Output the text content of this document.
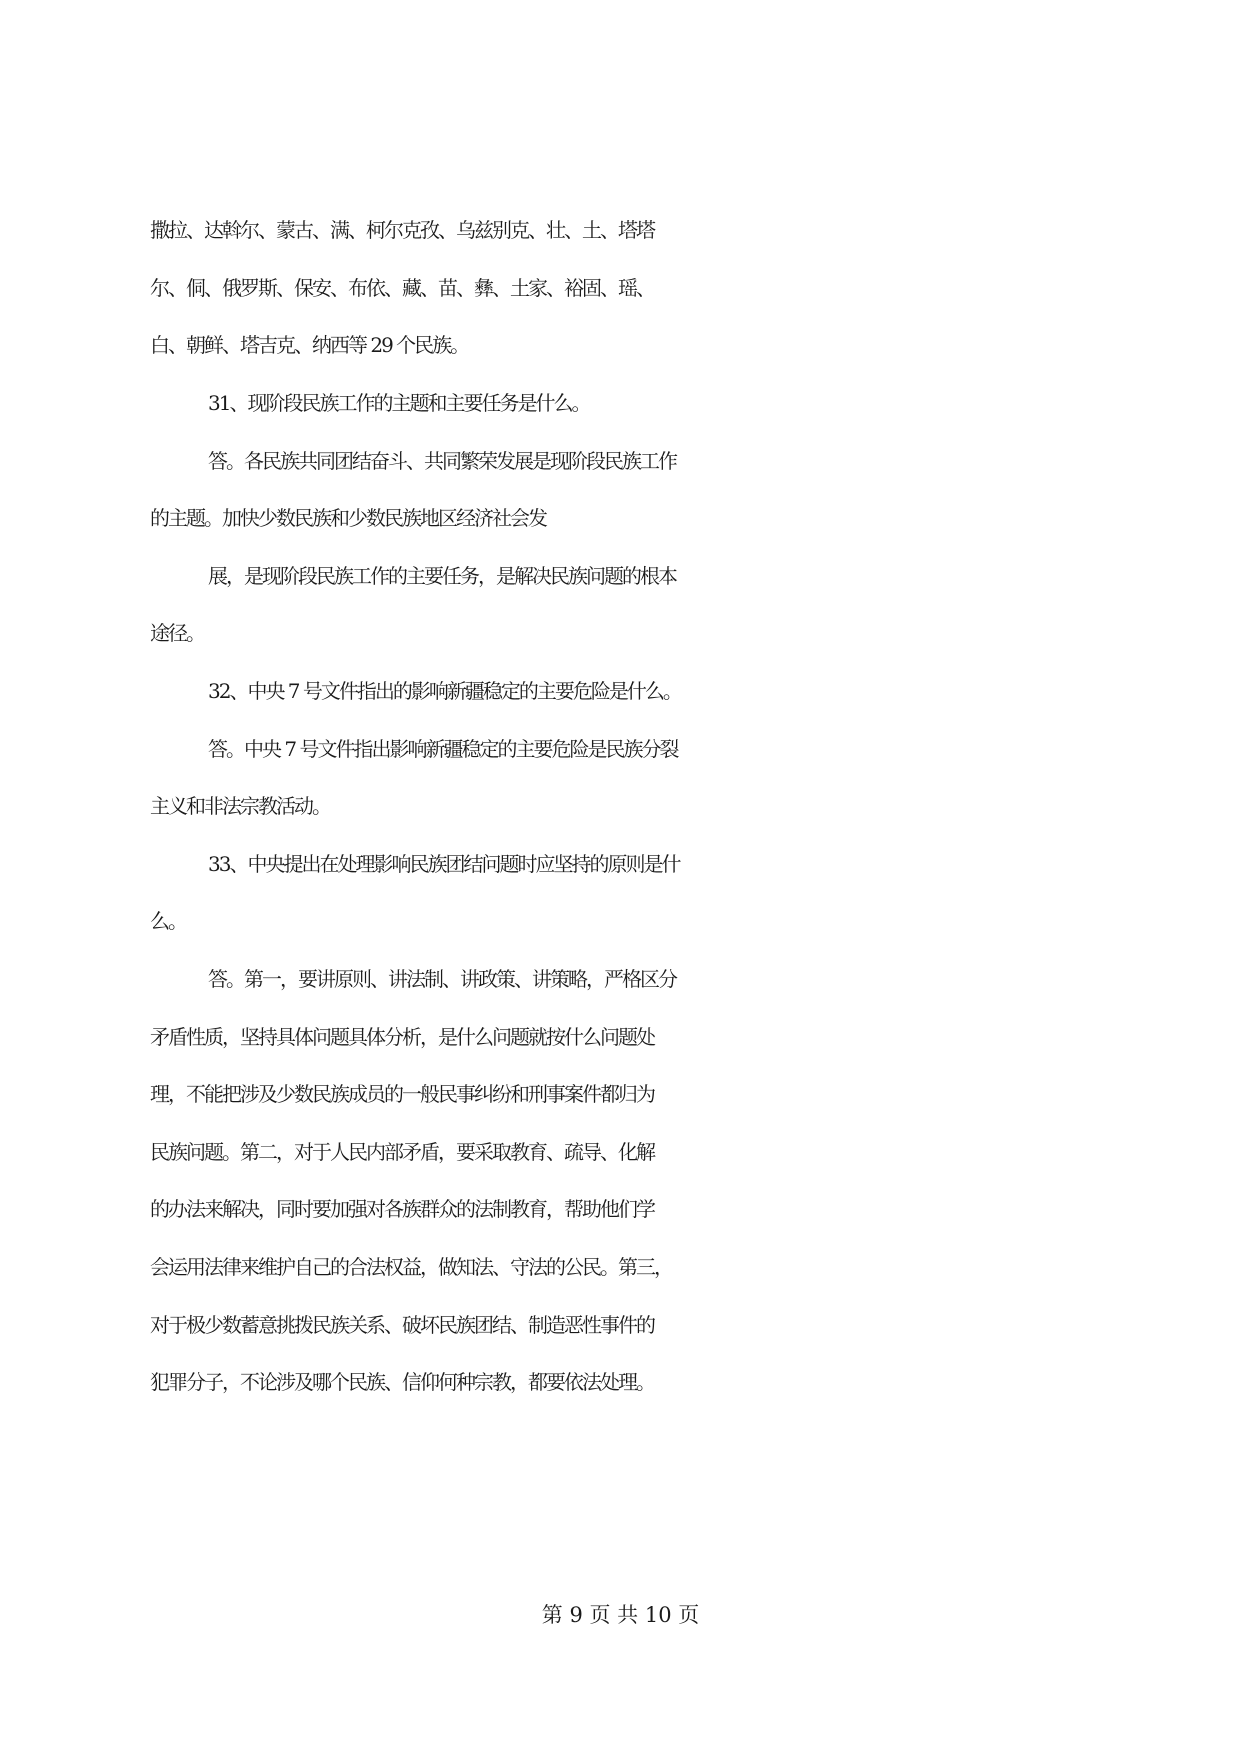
撒拉、达斡尔、蒙古、满、柯尔克孜、乌兹别克、壮、土、塔塔
尔、侗、俄罗斯、保安、布依、藏、苗、彝、土家、裕固、瑶、
白、朝鲜、塔吉克、纳西等 29 个民族。
31、现阶段民族工作的主题和主要任务是什么。
答。各民族共同团结奋斗、共同繁荣发展是现阶段民族工作
的主题。加快少数民族和少数民族地区经济社会发
展，是现阶段民族工作的主要任务，是解决民族问题的根本
途径。
32、中央 7 号文件指出的影响新疆稳定的主要危险是什么。
答。中央 7 号文件指出影响新疆稳定的主要危险是民族分裂
主义和非法宗教活动。
33、中央提出在处理影响民族团结问题时应坚持的原则是什
么。
答。第一，要讲原则、讲法制、讲政策、讲策略，严格区分
矛盾性质，坚持具体问题具体分析，是什么问题就按什么问题处
理，不能把涉及少数民族成员的一般民事纠纷和刑事案件都归为
民族问题。第二，对于人民内部矛盾，要采取教育、疏导、化解
的办法来解决，同时要加强对各族群众的法制教育，帮助他们学
会运用法律来维护自己的合法权益，做知法、守法的公民。第三，
对于极少数蓄意挑拨民族关系、破坏民族团结、制造恶性事件的
犯罪分子，不论涉及哪个民族、信仰何种宗教，都要依法处理。
第 9 页 共 10 页
